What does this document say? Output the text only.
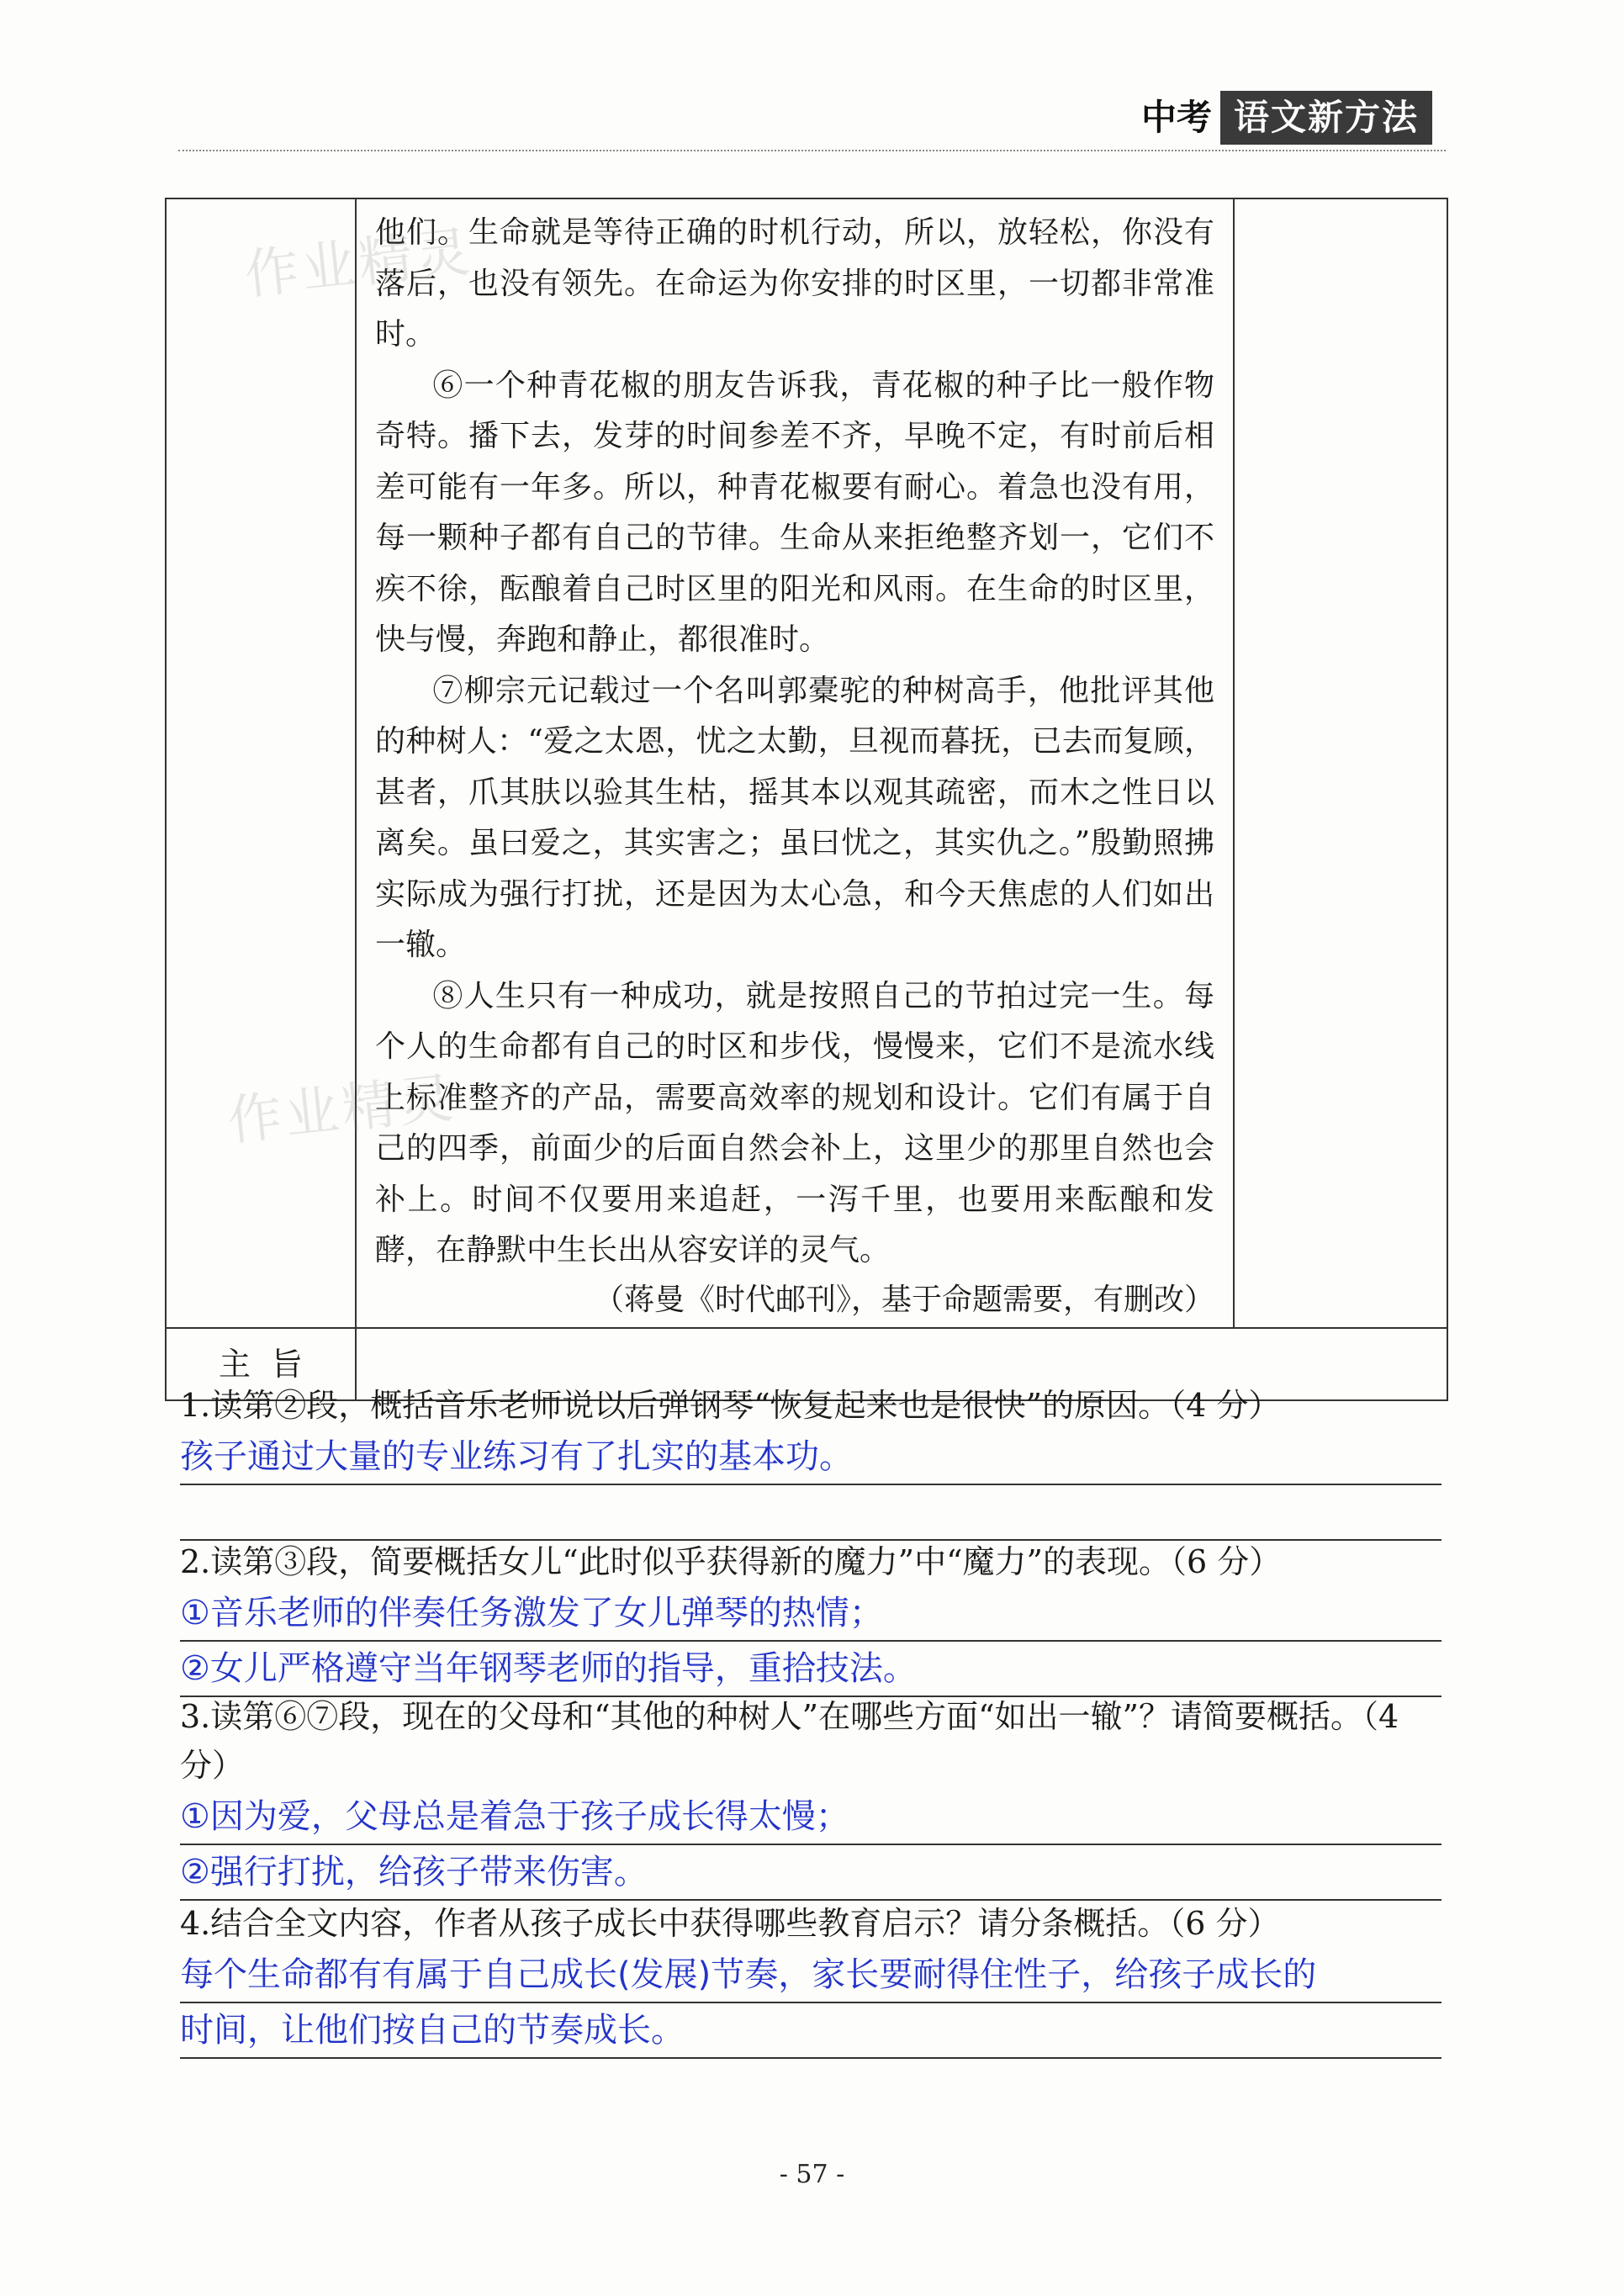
中考 语文新方法

	他们。生命就是等待正确的时机行动，所以，放轻松，你没有落后，也没有领先。在命运为你安排的时区里，一切都非常准时。

⑥一个种青花椒的朋友告诉我，青花椒的种子比一般作物奇特。播下去，发芽的时间参差不齐，早晚不定，有时前后相差可能有一年多。所以，种青花椒要有耐心。着急也没有用，每一颗种子都有自己的节律。生命从来拒绝整齐划一，它们不疾不徐，酝酿着自己时区里的阳光和风雨。在生命的时区里，快与慢，奔跑和静止，都很准时。

⑦柳宗元记载过一个名叫郭橐驼的种树高手，他批评其他的种树人：“爱之太恩，忧之太勤，旦视而暮抚，已去而复顾，甚者，爪其肤以验其生枯，摇其本以观其疏密，而木之性日以离矣。虽曰爱之，其实害之；虽曰忧之，其实仇之。”殷勤照拂实际成为强行打扰，还是因为太心急，和今天焦虑的人们如出一辙。

⑧人生只有一种成功，就是按照自己的节拍过完一生。每个人的生命都有自己的时区和步伐，慢慢来，它们不是流水线上标准整齐的产品，需要高效率的规划和设计。它们有属于自己的四季，前面少的后面自然会补上，这里少的那里自然也会补上。时间不仅要用来追赶，一泻千里，也要用来酝酿和发酵，在静默中生长出从容安详的灵气。

（蒋曼《时代邮刊》，基于命题需要，有删改）	

主旨		
作业精灵
作业精灵

1.读第②段，概括音乐老师说以后弹钢琴“恢复起来也是很快”的原因。（4 分）

孩子通过大量的专业练习有了扎实的基本功。

2.读第③段，简要概括女儿“此时似乎获得新的魔力”中“魔力”的表现。（6 分）

①音乐老师的伴奏任务激发了女儿弹琴的热情；

②女儿严格遵守当年钢琴老师的指导，重拾技法。

3.读第⑥⑦段，现在的父母和“其他的种树人”在哪些方面“如出一辙”？请简要概括。（4 分）

①因为爱，父母总是着急于孩子成长得太慢；

②强行打扰，给孩子带来伤害。

4.结合全文内容，作者从孩子成长中获得哪些教育启示？请分条概括。（6 分）

每个生命都有有属于自己成长(发展)节奏，家长要耐得住性子，给孩子成长的

时间，让他们按自己的节奏成长。

- 57 -
